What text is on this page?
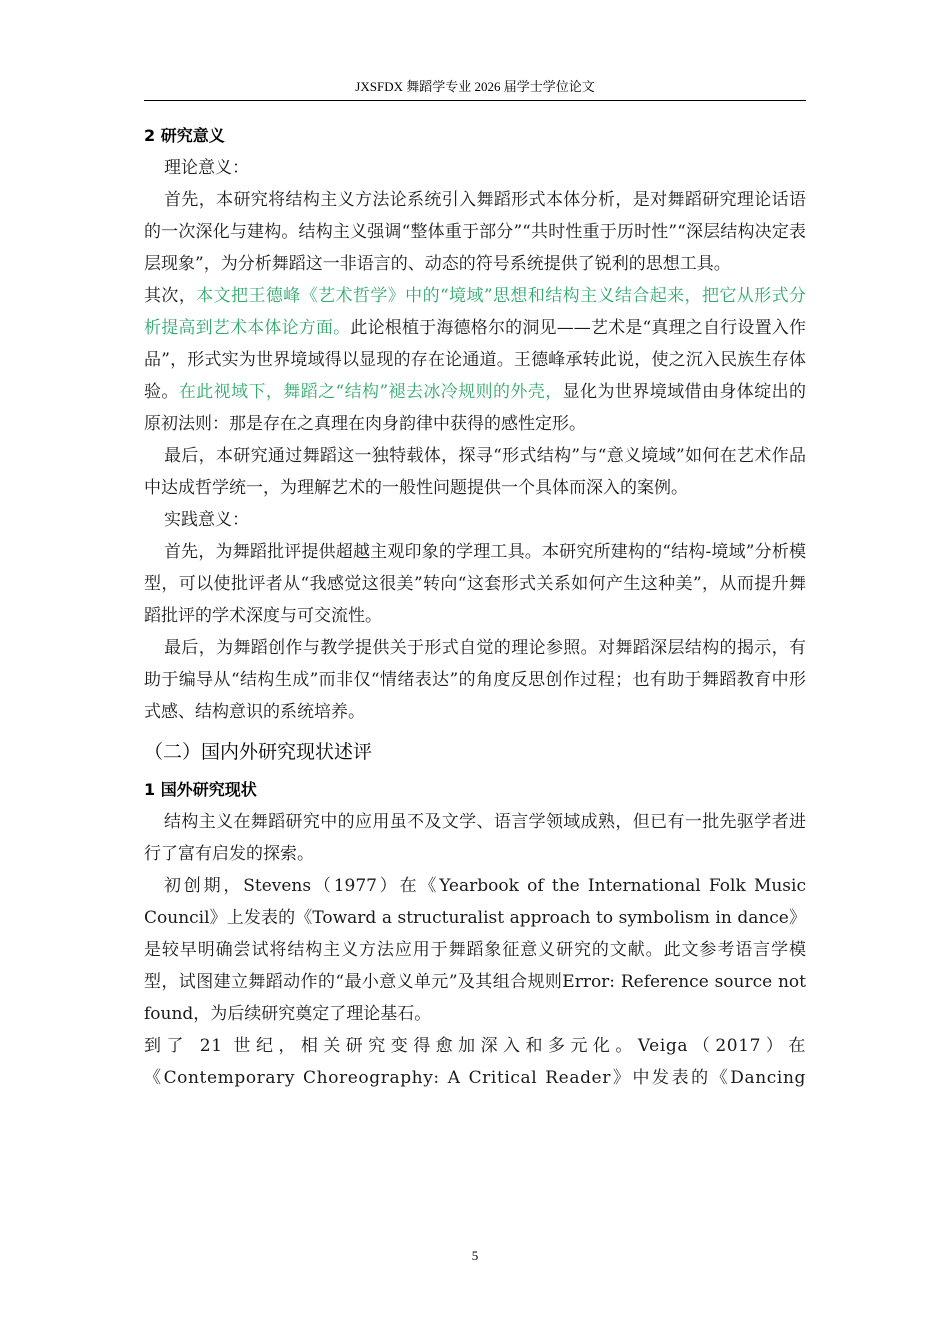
JXSFDX 舞蹈学专业 2026 届学士学位论文
2 研究意义

理论意义：

首先，本研究将结构主义方法论系统引入舞蹈形式本体分析，是对舞蹈研究理论话语的一次深化与建构。结构主义强调“整体重于部分”“共时性重于历时性”“深层结构决定表层现象”，为分析舞蹈这一非语言的、动态的符号系统提供了锐利的思想工具。

其次，本文把王德峰《艺术哲学》中的“境域”思想和结构主义结合起来，把它从形式分析提高到艺术本体论方面。此论根植于海德格尔的洞见——艺术是“真理之自行设置入作品”，形式实为世界境域得以显现的存在论通道。王德峰承转此说，使之沉入民族生存体验。在此视域下，舞蹈之“结构”褪去冰冷规则的外壳，显化为世界境域借由身体绽出的原初法则：那是存在之真理在肉身韵律中获得的感性定形。

最后，本研究通过舞蹈这一独特载体，探寻“形式结构”与“意义境域”如何在艺术作品中达成哲学统一，为理解艺术的一般性问题提供一个具体而深入的案例。

实践意义：

首先，为舞蹈批评提供超越主观印象的学理工具。本研究所建构的“结构-境域”分析模型，可以使批评者从“我感觉这很美”转向“这套形式关系如何产生这种美”，从而提升舞蹈批评的学术深度与可交流性。

最后，为舞蹈创作与教学提供关于形式自觉的理论参照。对舞蹈深层结构的揭示，有助于编导从“结构生成”而非仅“情绪表达”的角度反思创作过程；也有助于舞蹈教育中形式感、结构意识的系统培养。

（二）国内外研究现状述评
1 国外研究现状

结构主义在舞蹈研究中的应用虽不及文学、语言学领域成熟，但已有一批先驱学者进行了富有启发的探索。

初创期，Stevens（1977）在《Yearbook of the International Folk Music Council》上发表的《Toward a structuralist approach to symbolism in dance》是较早明确尝试将结构主义方法应用于舞蹈象征意义研究的文献。此文参考语言学模型，试图建立舞蹈动作的“最小意义单元”及其组合规则Error: Reference source not found，为后续研究奠定了理论基石。

到了 21 世纪，相关研究变得愈加深入和多元化。Veiga（2017）在

《Contemporary Choreography: A Critical Reader》中发表的《Dancing

5
